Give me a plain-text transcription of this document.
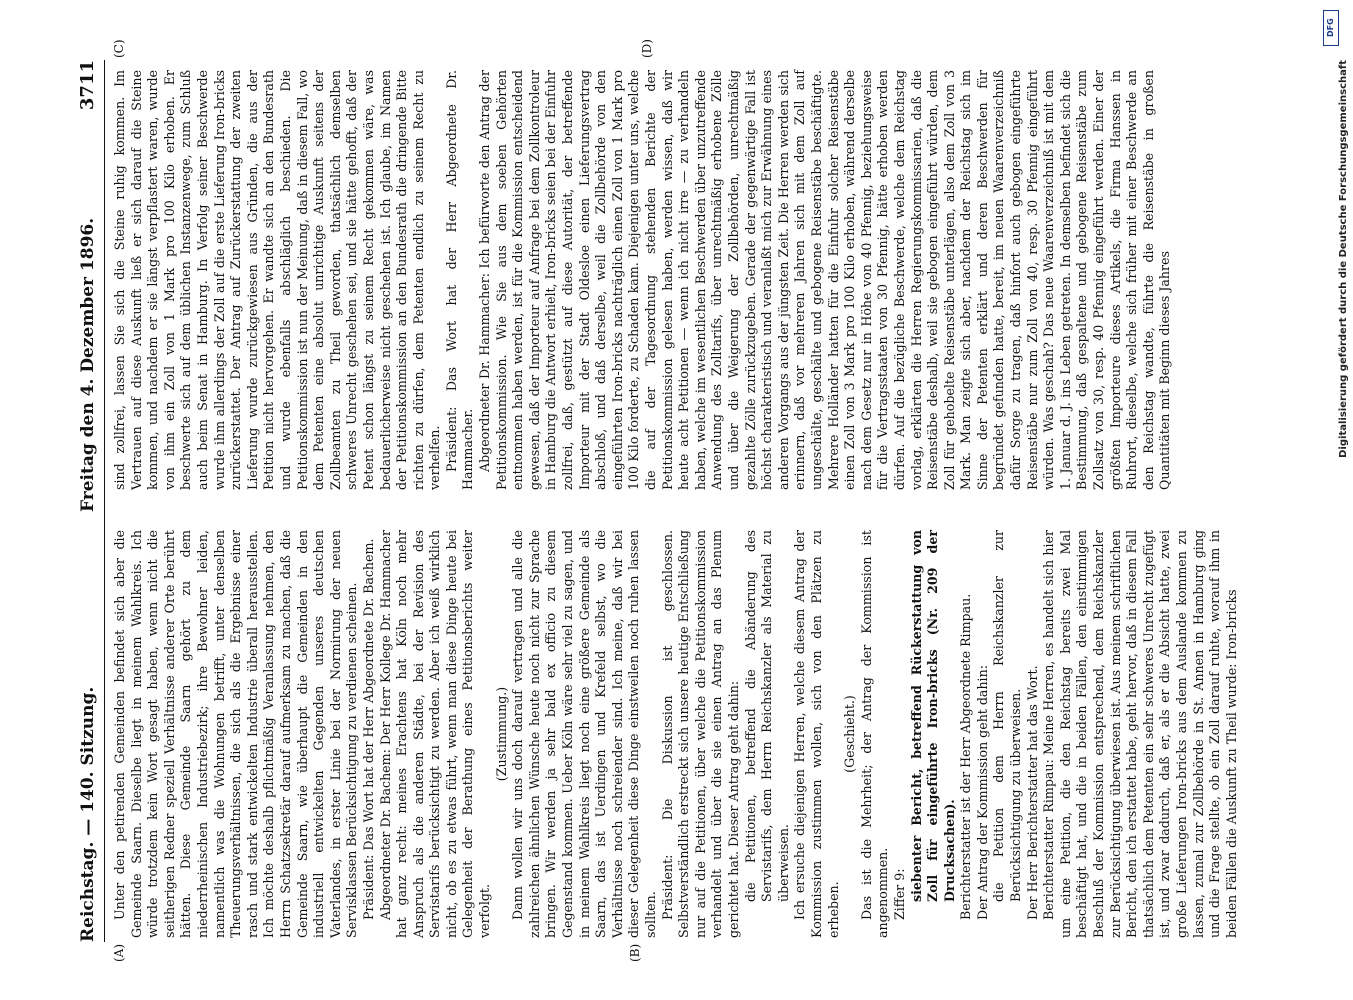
DFG
Reichstag. — 140. Sitzung.
Freitag den 4. Dezember 1896.
3711
(A)	(B)
(C)	(D)

Unter den petirenden Gemeinden befindet sich aber die Gemeinde Saarn. Dieselbe liegt in meinem Wahlkreis. Ich würde trotzdem kein Wort gesagt haben, wenn nicht die seitherigen Redner speziell Verhältnisse anderer Orte berührt hätten. Diese Gemeinde Saarn gehört zu dem niederrheinischen Industriebezirk; ihre Bewohner leiden, namentlich was die Wohnungen betrifft, unter denselben Theuerungsverhältnissen, die sich als die Ergebnisse einer rasch und stark entwickelten Industrie überall herausstellen. Ich möchte deshalb pflichtmäßig Veranlassung nehmen, den Herrn Schatzsekretär darauf aufmerksam zu machen, daß die Gemeinde Saarn, wie überhaupt die Gemeinden in den industriell entwickelten Gegenden unseres deutschen Vaterlandes, in erster Linie bei der Normirung der neuen Servisklassen Berücksichtigung zu verdienen scheinen. Präsident: Das Wort hat der Herr Abgeordnete Dr. Bachem. Abgeordneter Dr. Bachem: Der Herr Kollege Dr. Hammacher hat ganz recht: meines Erachtens hat Köln noch mehr Anspruch als die anderen Städte, bei der Revision des Servistarifs berücksichtigt zu werden. Aber ich weiß wirklich nicht, ob es zu etwas führt, wenn man diese Dinge heute bei Gelegenheit der Berathung eines Petitionsberichts weiter verfolgt.

(Zustimmung.) Dann wollen wir uns doch darauf vertragen und alle die zahlreichen ähnlichen Wünsche heute noch nicht zur Sprache bringen. Wir werden ja sehr bald ex officio zu diesem Gegenstand kommen. Ueber Köln wäre sehr viel zu sagen, und in meinem Wahlkreis liegt noch eine größere Gemeinde als Saarn, das ist Uerdingen und Krefeld selbst, wo die Verhältnisse noch schreiender sind. Ich meine, daß wir bei dieser Gelegenheit diese Dinge einstweilen noch ruhen lassen sollten. Präsident: Die Diskussion ist geschlossen. Selbstverständlich erstreckt sich unsere heutige Entschließung nur auf die Petitionen, über welche die Petitionskommission verhandelt und über die sie einen Antrag an das Plenum gerichtet hat. Dieser Antrag geht dahin: die Petitionen, betreffend die Abänderung des Servistarifs, dem Herrn Reichskanzler als Material zu überweisen. Ich ersuche diejenigen Herren, welche diesem Antrag der Kommission zustimmen wollen, sich von den Plätzen zu erheben.

(Geschieht.) Das ist die Mehrheit; der Antrag der Kommission ist angenommen. Ziffer 9: siebenter Bericht, betreffend Rückerstattung von Zoll für eingeführte Iron-bricks (Nr. 209 der Drucksachen). Berichterstatter ist der Herr Abgeordnete Rimpau. Der Antrag der Kommission geht dahin: die Petition dem Herrn Reichskanzler zur Berücksichtigung zu überweisen. Der Herr Berichterstatter hat das Wort. Berichterstatter Rimpau: Meine Herren, es handelt sich hier um eine Petition, die den Reichstag bereits zwei Mal beschäftigt hat, und die in beiden Fällen, den einstimmigen Beschluß der Kommission entsprechend, dem Reichskanzler zur Berücksichtigung überwiesen ist. Aus meinem schriftlichen Bericht, den ich erstattet habe, geht hervor, daß in diesem Fall thatsächlich dem Petenten ein sehr schweres Unrecht zugefügt ist, und zwar dadurch, daß er, als er die Absicht hatte, zwei große Lieferungen Iron-bricks aus dem Auslande kommen zu lassen, zumal zur Zollbehörde in St. Annen in Hamburg ging und die Frage stellte, ob ein Zoll darauf ruhte, worauf ihm in beiden Fällen die Auskunft zu Theil wurde: Iron-bricks

sind zollfrei, lassen Sie sich die Steine ruhig kommen. Im Vertrauen auf diese Auskunft ließ er sich darauf die Steine kommen, und nachdem er sie längst verpflastert waren, wurde von ihm ein Zoll von 1 Mark pro 100 Kilo erhoben. Er beschwerte sich auf dem üblichen Instanzenwege, zum Schluß auch beim Senat in Hamburg. In Verfolg seiner Beschwerde wurde ihm allerdings der Zoll auf die erste Lieferung Iron-bricks zurückerstattet. Der Antrag auf Zurückerstattung der zweiten Lieferung wurde zurückgewiesen aus Gründen, die aus der Petition nicht hervorgehen. Er wandte sich an den Bundesrath und wurde ebenfalls abschläglich beschieden. Die Petitionskommission ist nun der Meinung, daß in diesem Fall, wo dem Petenten eine absolut unrichtige Auskunft seitens der Zollbeamten zu Theil geworden, thatsächlich demselben schweres Unrecht geschehen sei, und sie hätte gehofft, daß der Petent schon längst zu seinem Recht gekommen wäre, was bedauerlicherweise nicht geschehen ist. Ich glaube, im Namen der Petitionskommission an den Bundesrath die dringende Bitte richten zu dürfen, dem Petenten endlich zu seinem Recht zu verhelfen. Präsident: Das Wort hat der Herr Abgeordnete Dr. Hammacher. Abgeordneter Dr. Hammacher: Ich befürworte den Antrag der Petitionskommission. Wie Sie aus dem soeben Gehörten entnommen haben werden, ist für die Kommission entscheidend gewesen, daß der Importeur auf Anfrage bei dem Zollkontroleur in Hamburg die Antwort erhielt, Iron-bricks seien bei der Einfuhr zollfrei, daß, gestützt auf diese Autorität, der betreffende Importeur mit der Stadt Oldesloe einen Lieferungsvertrag abschloß, und daß derselbe, weil die Zollbehörde von den eingeführten Iron-bricks nachträglich einen Zoll von 1 Mark pro 100 Kilo forderte, zu Schaden kam. Diejenigen unter uns, welche die auf der Tagesordnung stehenden Berichte der Petitionskommission gelesen haben, werden wissen, daß wir heute acht Petitionen — wenn ich nicht irre — zu verhandeln haben, welche im wesentlichen Beschwerden über unzutreffende Anwendung des Zolltarifs, über unrechtmäßig erhobene Zölle und über die Weigerung der Zollbehörden, unrechtmäßig gezahlte Zölle zurückzugeben. Gerade der gegenwärtige Fall ist höchst charakteristisch und veranlaßt mich zur Erwähnung eines anderen Vorgangs aus der jüngsten Zeit. Die Herren werden sich erinnern, daß vor mehreren Jahren sich mit dem Zoll auf ungeschälte, geschälte und gebogene Reisenstäbe beschäftigte. Mehrere Holländer hatten für die Einfuhr solcher Reisenstäbe einen Zoll von 3 Mark pro 100 Kilo erhoben, während derselbe nach dem Gesetz nur in Höhe von 40 Pfennig, beziehungsweise für die Vertragsstaaten von 30 Pfennig, hätte erhoben werden dürfen. Auf die bezügliche Beschwerde, welche dem Reichstag vorlag, erklärten die Herren Regierungskommissarien, daß die Reisenstäbe deshalb, weil sie gebogen eingeführt würden, dem Zoll für gehobelte Reisenstäbe unterlägen, also dem Zoll von 3 Mark. Man zeigte sich aber, nachdem der Reichstag sich im Sinne der Petenten erklärt und deren Beschwerden für begründet gefunden hatte, bereit, im neuen Waarenverzeichniß dafür Sorge zu tragen, daß hinfort auch gebogen eingeführte Reisenstäbe nur zum Zoll von 40, resp. 30 Pfennig eingeführt würden. Was geschah? Das neue Waarenverzeichniß ist mit dem 1. Januar d. J. ins Leben getreten. In demselben befindet sich die Bestimmung, daß gespaltene und gebogene Reisenstäbe zum Zollsatz von 30, resp. 40 Pfennig eingeführt werden. Einer der größten Importeure dieses Artikels, die Firma Hanssen in Ruhrort, dieselbe, welche sich früher mit einer Beschwerde an den Reichstag wandte, führte die Reisenstäbe in großen Quantitäten mit Beginn dieses Jahres	Digitalisierung gefördert durch die Deutsche Forschungsgemeinschaft
